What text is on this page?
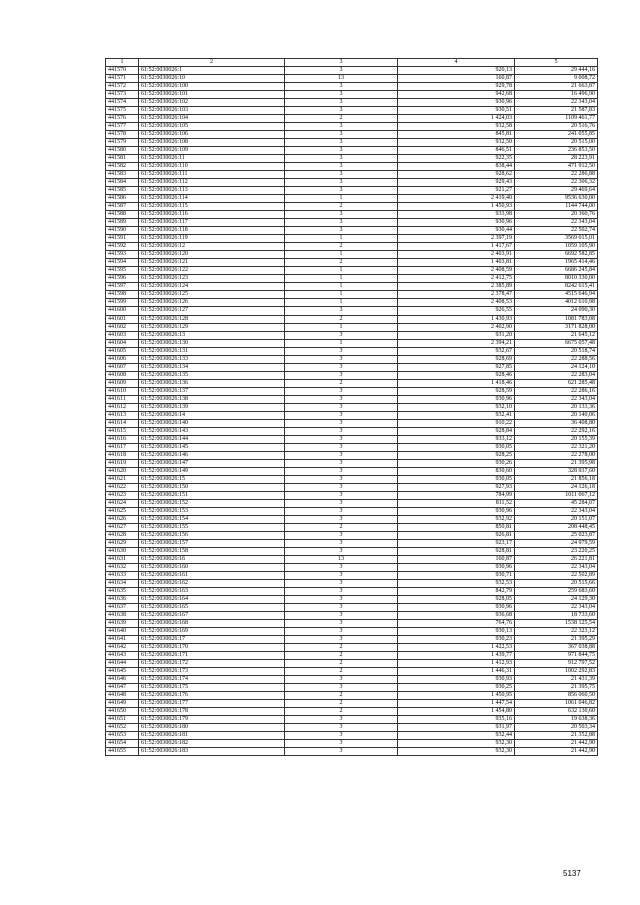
1	2	3	4	5
441570	61:52:0030026:1	3	920,13	29 444,16
441571	61:52:0030026:10	13	160,87	9 008,72
441572	61:52:0030026:100	3	929,78	21 663,87
441573	61:52:0030026:101	3	942,68	16 496,90
441574	61:52:0030026:102	3	930,96	22 343,04
441575	61:52:0030026:103	3	930,51	21 587,83
441576	61:52:0030026:104	2	1 424,03	1109 461,77
441577	61:52:0030026:105	3	932,58	20 516,76
441578	61:52:0030026:106	3	845,81	241 055,85
441579	61:52:0030026:108	3	932,50	20 515,00
441580	61:52:0030026:109	3	846,51	236 853,50
441581	61:52:0030026:11	3	922,35	28 223,91
441582	61:52:0030026:110	3	838,44	471 912,50
441583	61:52:0030026:111	3	928,62	22 286,88
441584	61:52:0030026:112	3	929,43	22 306,32
441585	61:52:0030026:113	3	921,27	29 469,64
441586	61:52:0030026:114	1	2 419,40	9536 630,00
441587	61:52:0030026:115	2	1 450,93	1144 744,00
441588	61:52:0030026:116	3	933,98	20 360,76
441589	61:52:0030026:117	3	930,96	22 343,04
441590	61:52:0030026:118	3	930,44	22 502,74
441591	61:52:0030026:119	1	2 397,19	3569 015,01
441592	61:52:0030026:12	2	1 417,67	1059 105,90
441593	61:52:0030026:120	1	2 403,91	6692 582,85
441594	61:52:0030026:121	2	1 403,81	1965 414,46
441595	61:52:0030026:122	1	2 408,59	6686 245,84
441596	61:52:0030026:123	1	2 412,75	8010 330,00
441597	61:52:0030026:124	1	2 385,89	8242 615,41
441598	61:52:0030026:125	1	2 378,47	4515 646,94
441599	61:52:0030026:126	1	2 408,53	4012 610,98
441600	61:52:0030026:127	3	926,55	24 090,30
441601	61:52:0030026:128	2	1 430,93	1081 783,08
441602	61:52:0030026:129	1	2 402,90	3171 828,00
441603	61:52:0030026:13	3	931,20	21 645,12
441604	61:52:0030026:130	1	2 394,21	6675 057,48
441605	61:52:0030026:131	3	932,67	20 518,74
441606	61:52:0030026:133	3	928,69	22 288,56
441607	61:52:0030026:134	3	927,85	24 124,10
441608	61:52:0030026:135	3	928,46	22 283,04
441609	61:52:0030026:136	2	1 418,46	621 285,48
441610	61:52:0030026:137	3	928,59	22 286,16
441611	61:52:0030026:138	3	930,96	22 343,04
441612	61:52:0030026:139	3	932,10	20 133,36
441613	61:52:0030026:14	3	932,41	20 140,06
441614	61:52:0030026:140	3	910,22	36 408,80
441615	61:52:0030026:143	3	928,84	22 292,16
441616	61:52:0030026:144	3	933,12	20 155,39
441617	61:52:0030026:145	3	930,05	22 321,20
441618	61:52:0030026:146	3	928,25	22 278,00
441619	61:52:0030026:147	3	930,26	21 395,98
441620	61:52:0030026:149	3	830,60	328 937,60
441621	61:52:0030026:15	3	930,05	21 856,18
441622	61:52:0030026:150	3	927,93	24 126,18
441623	61:52:0030026:151	3	784,99	1011 067,12
441624	61:52:0030026:152	3	811,52	45 284,07
441625	61:52:0030026:153	3	930,96	22 343,04
441626	61:52:0030026:154	3	932,92	20 151,07
441627	61:52:0030026:155	2	850,81	208 448,45
441628	61:52:0030026:156	3	926,81	25 023,87
441629	61:52:0030026:157	3	923,17	24 979,59
441630	61:52:0030026:158	3	928,81	23 220,25
441631	61:52:0030026:16	13	160,87	26 221,81
441632	61:52:0030026:160	3	930,96	22 343,04
441633	61:52:0030026:161	3	930,71	22 502,89
441634	61:52:0030026:162	3	932,53	20 515,66
441635	61:52:0030026:163	3	842,79	259 683,60
441636	61:52:0030026:164	3	928,05	24 129,30
441637	61:52:0030026:165	3	930,96	22 343,04
441638	61:52:0030026:167	3	936,68	18 733,60
441639	61:52:0030026:168	3	764,76	1538 125,54
441640	61:52:0030026:169	3	930,13	22 323,12
441641	61:52:0030026:17	3	930,23	21 395,29
441642	61:52:0030026:170	2	1 422,53	367 038,88
441643	61:52:0030026:171	2	1 439,77	971 844,75
441644	61:52:0030026:172	2	1 412,93	912 797,52
441645	61:52:0030026:173	2	1 446,31	1002 292,83
441646	61:52:0030026:174	3	930,93	21 431,39
441647	61:52:0030026:175	3	930,25	21 395,75
441648	61:52:0030026:176	2	1 450,95	856 060,50
441649	61:52:0030026:177	2	1 447,54	1061 046,82
441650	61:52:0030026:178	2	1 454,80	632 130,60
441651	61:52:0030026:179	3	935,16	19 638,36
441652	61:52:0030026:180	3	931,97	20 503,34
441653	61:52:0030026:181	3	932,44	21 352,88
441654	61:52:0030026:182	3	932,30	21 442,90
441655	61:52:0030026:183	3	932,30	21 442,90
5137
